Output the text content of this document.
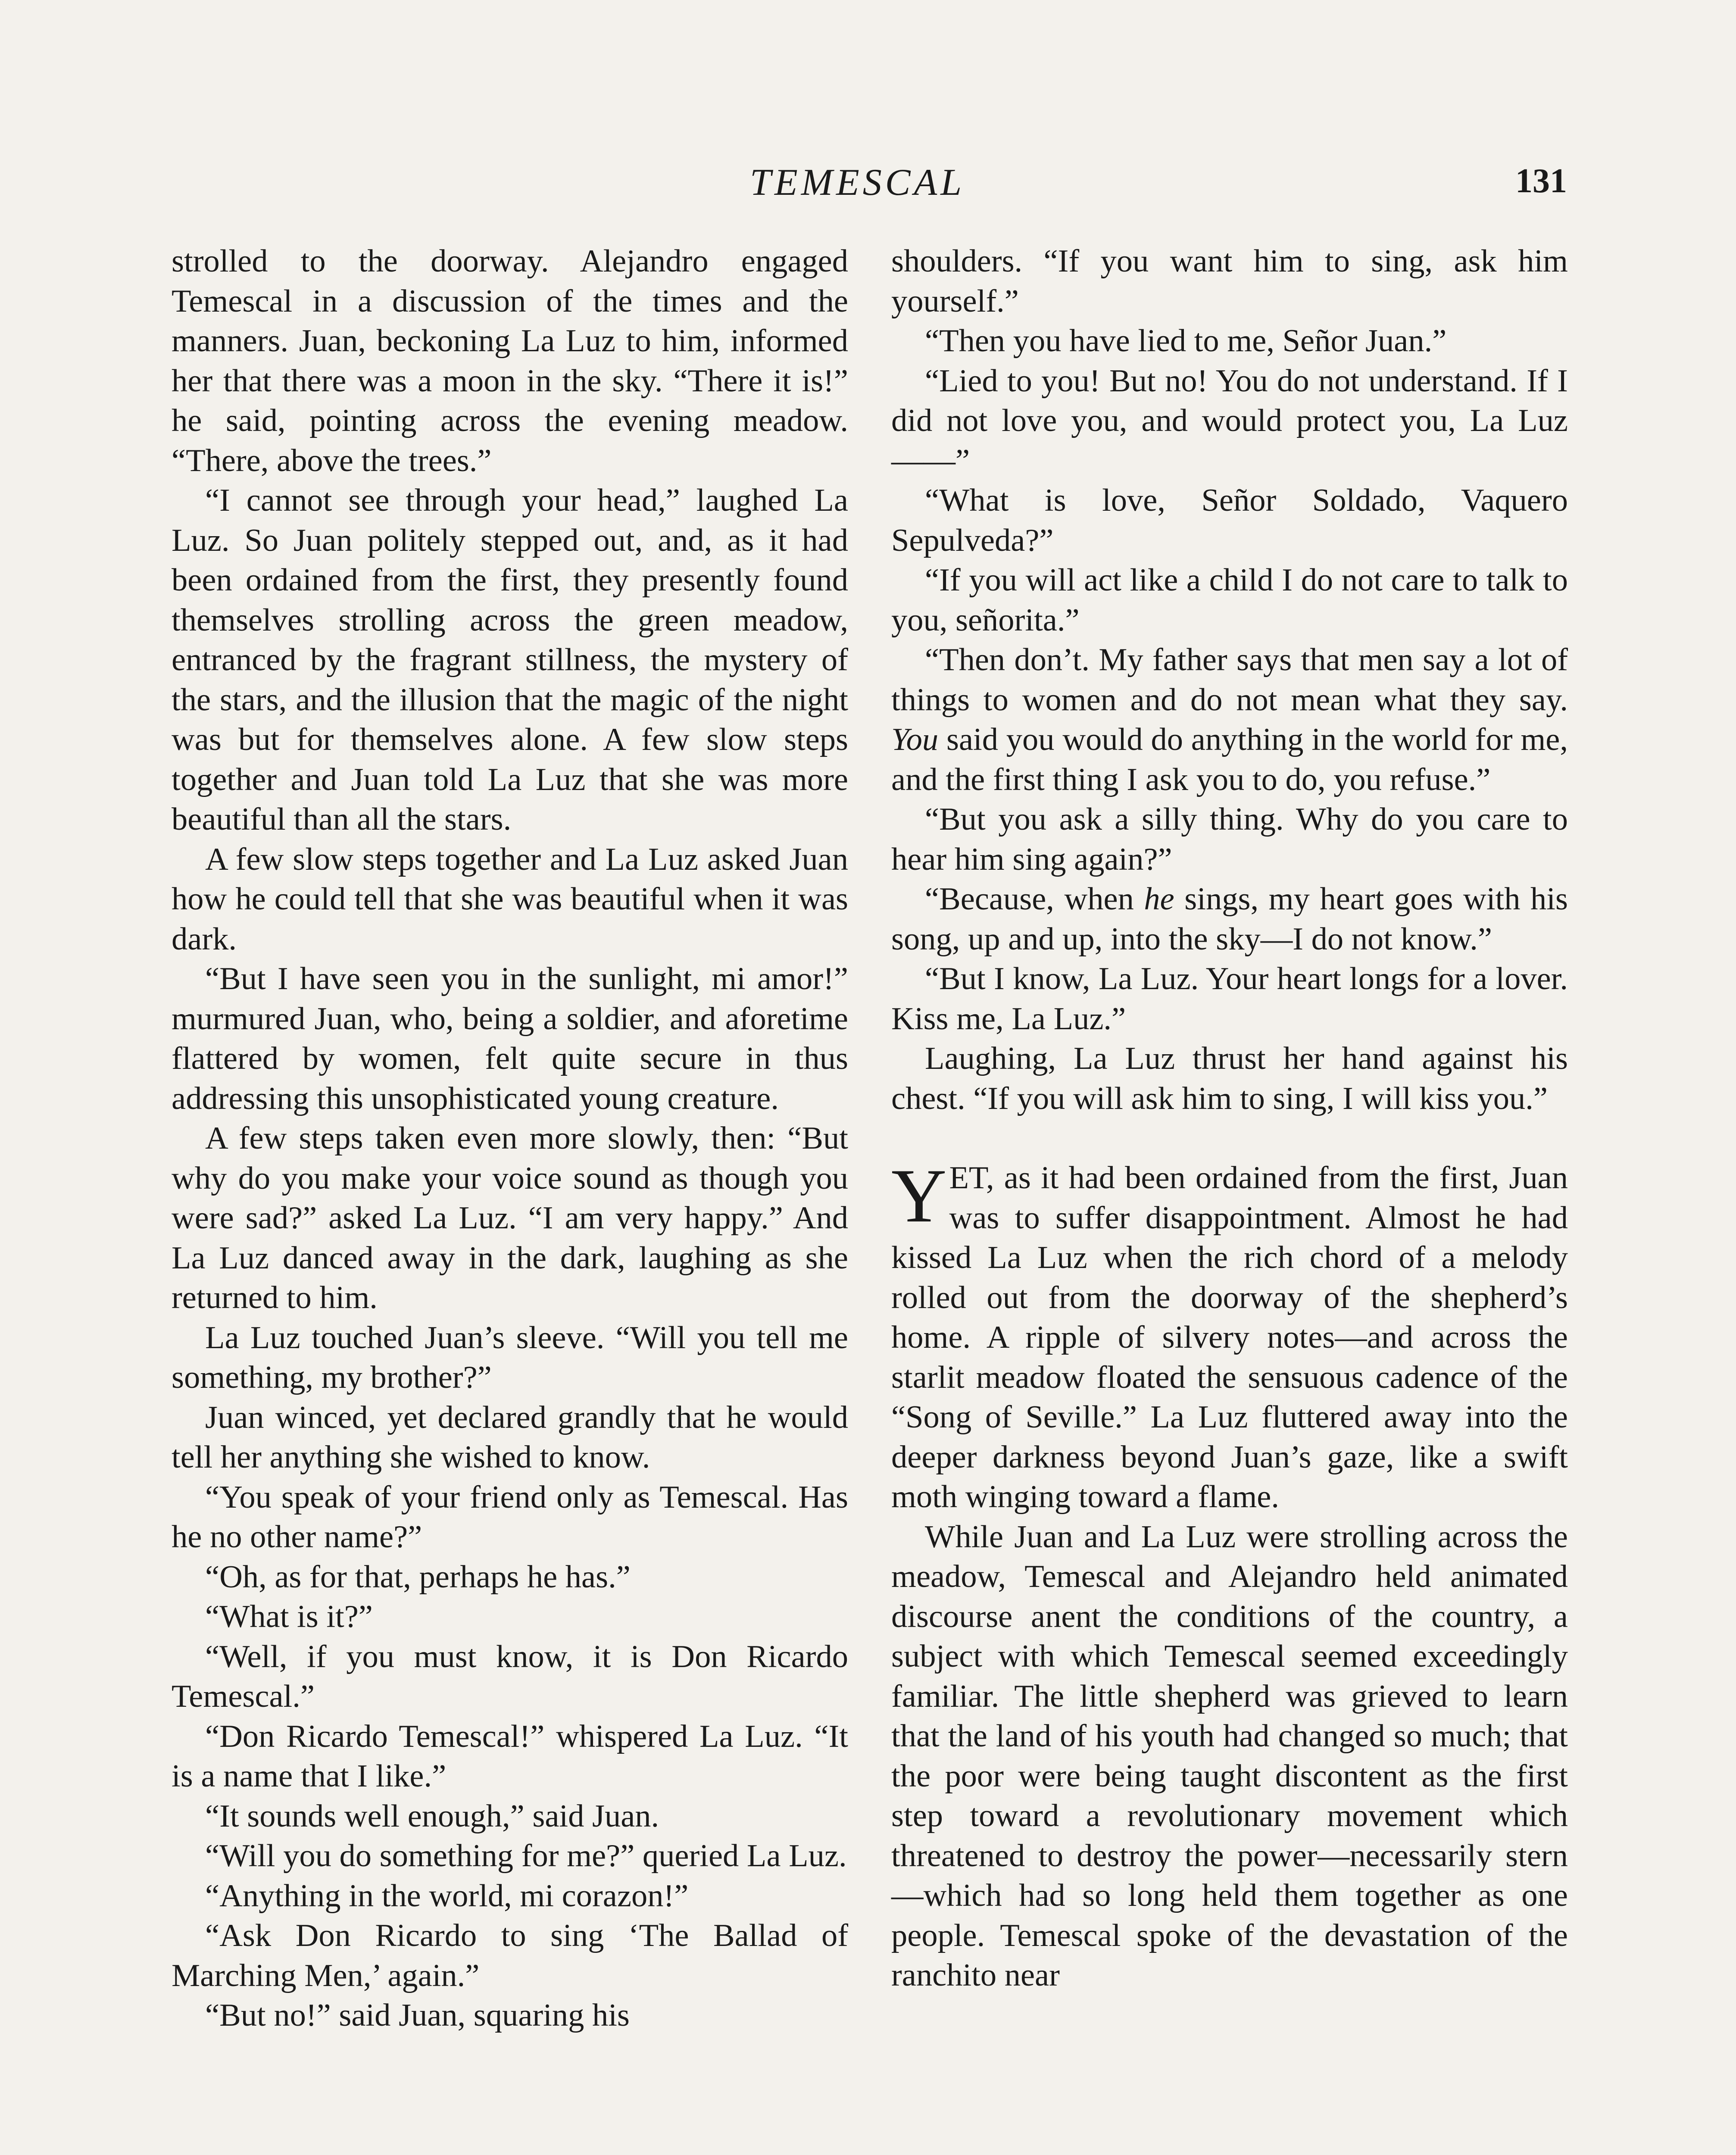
TEMESCAL	131

strolled to the doorway. Alejandro engaged Temescal in a discussion of the times and the manners. Juan, beckoning La Luz to him, informed her that there was a moon in the sky. “There it is!” he said, pointing across the evening meadow. “There, above the trees.”

“I cannot see through your head,” laughed La Luz. So Juan politely stepped out, and, as it had been ordained from the first, they presently found themselves strolling across the green meadow, entranced by the fragrant stillness, the mystery of the stars, and the illusion that the magic of the night was but for themselves alone. A few slow steps together and Juan told La Luz that she was more beautiful than all the stars.

A few slow steps together and La Luz asked Juan how he could tell that she was beautiful when it was dark.

“But I have seen you in the sunlight, mi amor!” murmured Juan, who, being a soldier, and aforetime flattered by women, felt quite secure in thus addressing this unsophisticated young creature.

A few steps taken even more slowly, then: “But why do you make your voice sound as though you were sad?” asked La Luz. “I am very happy.” And La Luz danced away in the dark, laughing as she returned to him.

La Luz touched Juan’s sleeve. “Will you tell me something, my brother?”

Juan winced, yet declared grandly that he would tell her anything she wished to know.

“You speak of your friend only as Temescal. Has he no other name?”

“Oh, as for that, perhaps he has.”

“What is it?”

“Well, if you must know, it is Don Ricardo Temescal.”

“Don Ricardo Temescal!” whispered La Luz. “It is a name that I like.”

“It sounds well enough,” said Juan.

“Will you do something for me?” queried La Luz.

“Anything in the world, mi corazon!”

“Ask Don Ricardo to sing ‘The Ballad of Marching Men,’ again.”

“But no!” said Juan, squaring his

shoulders. “If you want him to sing, ask him yourself.”

“Then you have lied to me, Señor Juan.”

“Lied to you! But no! You do not understand. If I did not love you, and would protect you, La Luz——”

“What is love, Señor Soldado, Vaquero Sepulveda?”

“If you will act like a child I do not care to talk to you, señorita.”

“Then don’t. My father says that men say a lot of things to women and do not mean what they say. You said you would do anything in the world for me, and the first thing I ask you to do, you refuse.”

“But you ask a silly thing. Why do you care to hear him sing again?”

“Because, when he sings, my heart goes with his song, up and up, into the sky—I do not know.”

“But I know, La Luz. Your heart longs for a lover. Kiss me, La Luz.”

Laughing, La Luz thrust her hand against his chest. “If you will ask him to sing, I will kiss you.”

YET, as it had been ordained from the first, Juan was to suffer disappointment. Almost he had kissed La Luz when the rich chord of a melody rolled out from the doorway of the shepherd’s home. A ripple of silvery notes—and across the starlit meadow floated the sensuous cadence of the “Song of Seville.” La Luz fluttered away into the deeper darkness beyond Juan’s gaze, like a swift moth winging toward a flame.

While Juan and La Luz were strolling across the meadow, Temescal and Alejandro held animated discourse anent the conditions of the country, a subject with which Temescal seemed exceedingly familiar. The little shepherd was grieved to learn that the land of his youth had changed so much; that the poor were being taught discontent as the first step toward a revolutionary movement which threatened to destroy the power—necessarily stern—which had so long held them together as one people. Temescal spoke of the devastation of the ranchito near
